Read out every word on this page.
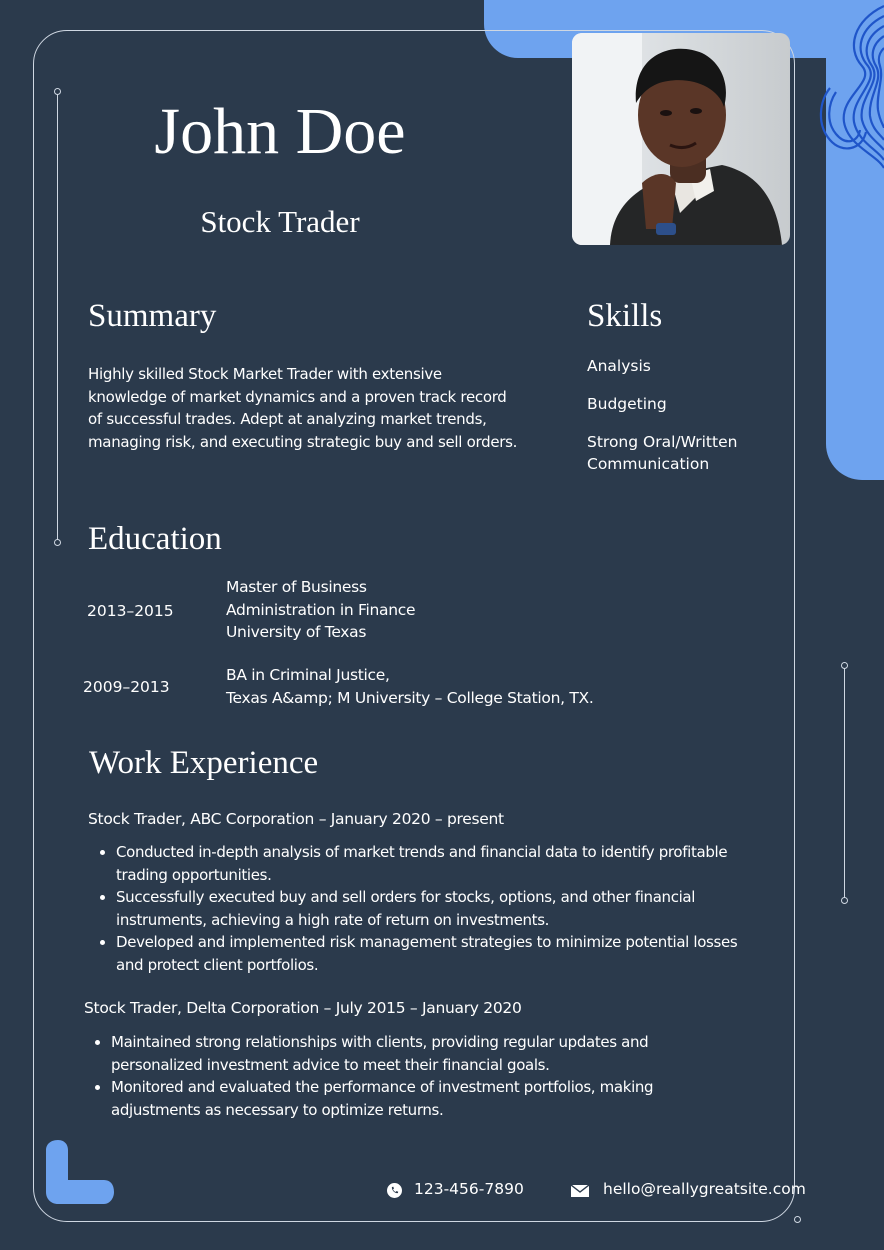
John Doe
Stock Trader
Summary
Highly skilled Stock Market Trader with extensive
knowledge of market dynamics and a proven track record
of successful trades. Adept at analyzing market trends,
managing risk, and executing strategic buy and sell orders.
Skills
Analysis
Budgeting
Strong Oral/Written
Communication
Education
2013–2015
Master of Business
Administration in Finance
University of Texas
2009–2013
BA in Criminal Justice,
Texas A&amp; M University – College Station, TX.
Work Experience
Stock Trader, ABC Corporation – January 2020 – present
• Conducted in-depth analysis of market trends and financial data to identify profitable
trading opportunities.
• Successfully executed buy and sell orders for stocks, options, and other financial
instruments, achieving a high rate of return on investments.
• Developed and implemented risk management strategies to minimize potential losses
and protect client portfolios.
Stock Trader, Delta Corporation – July 2015 – January 2020
• Maintained strong relationships with clients, providing regular updates and
personalized investment advice to meet their financial goals.
• Monitored and evaluated the performance of investment portfolios, making
adjustments as necessary to optimize returns.
123-456-7890	hello@reallygreatsite.com
